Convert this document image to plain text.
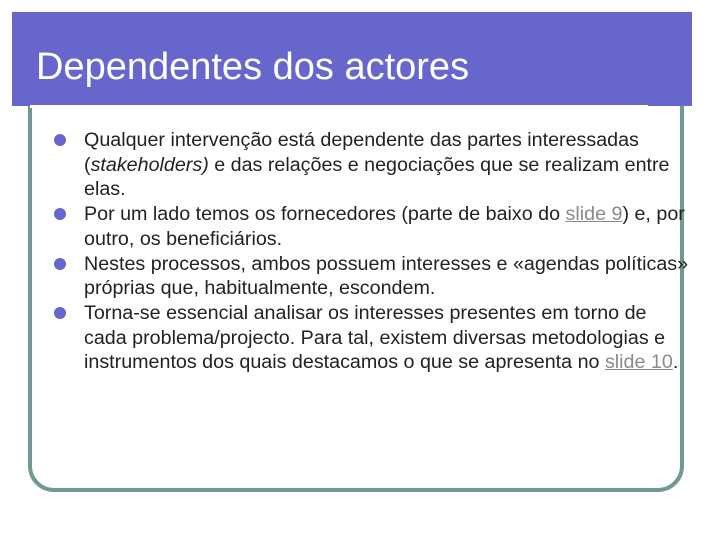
Dependentes dos actores
Qualquer intervenção está dependente das partes interessadas (stakeholders) e das relações e negociações que se realizam entre elas.
Por um lado temos os fornecedores (parte de baixo do slide 9) e, por outro, os beneficiários.
Nestes processos, ambos possuem interesses e «agendas políticas» próprias que, habitualmente, escondem.
Torna-se essencial analisar os interesses presentes em torno de cada problema/projecto. Para tal, existem diversas metodologias e instrumentos dos quais destacamos o que se apresenta no slide 10.
